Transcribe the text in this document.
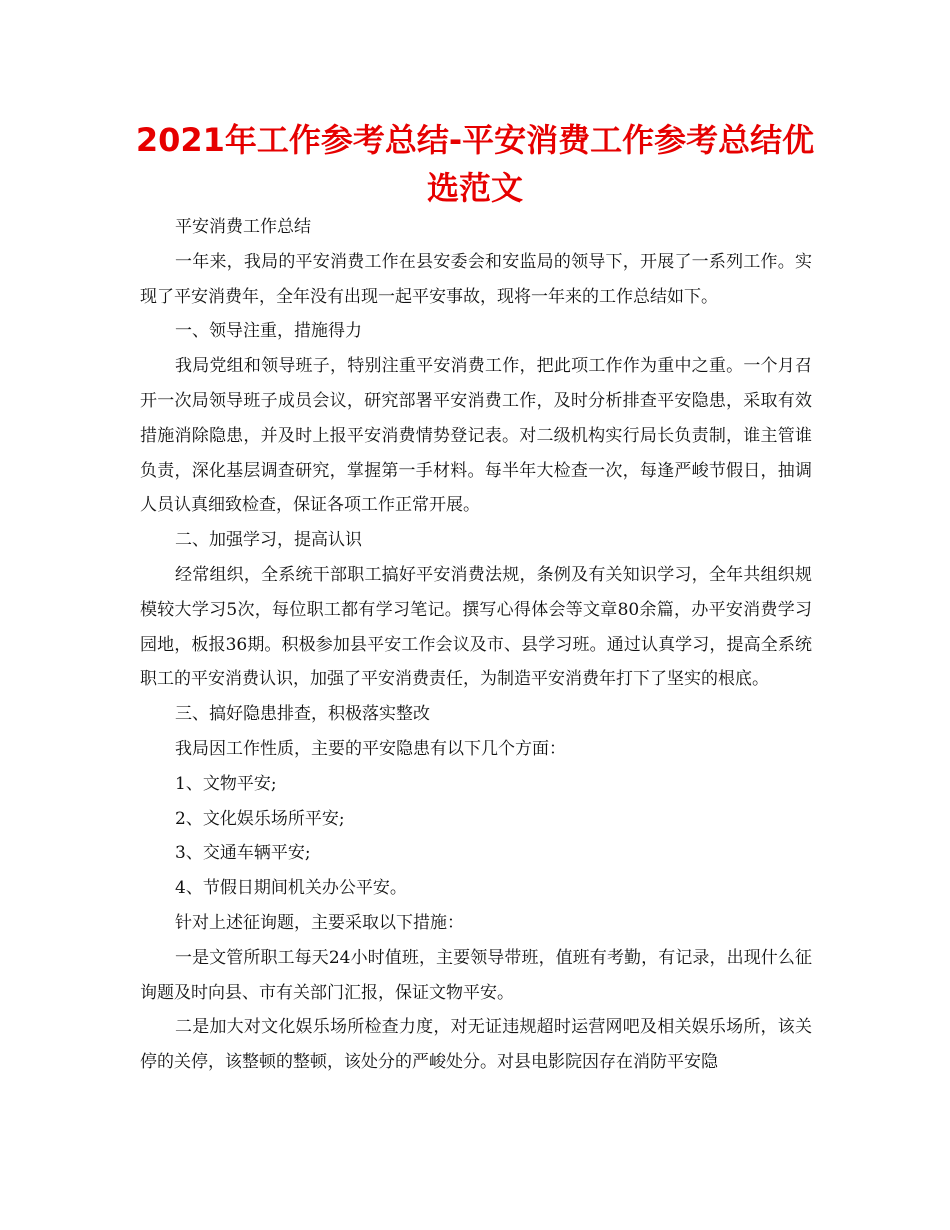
2021年工作参考总结-平安消费工作参考总结优选范文

平安消费工作总结

一年来，我局的平安消费工作在县安委会和安监局的领导下，开展了一系列工作。实现了平安消费年，全年没有出现一起平安事故，现将一年来的工作总结如下。

一、领导注重，措施得力

我局党组和领导班子，特别注重平安消费工作，把此项工作作为重中之重。一个月召开一次局领导班子成员会议，研究部署平安消费工作，及时分析排查平安隐患，采取有效措施消除隐患，并及时上报平安消费情势登记表。对二级机构实行局长负责制，谁主管谁负责，深化基层调查研究，掌握第一手材料。每半年大检查一次，每逢严峻节假日，抽调人员认真细致检查，保证各项工作正常开展。

二、加强学习，提高认识

经常组织，全系统干部职工搞好平安消费法规，条例及有关知识学习，全年共组织规模较大学习5次，每位职工都有学习笔记。撰写心得体会等文章80余篇，办平安消费学习园地，板报36期。积极参加县平安工作会议及市、县学习班。通过认真学习，提高全系统职工的平安消费认识，加强了平安消费责任，为制造平安消费年打下了坚实的根底。

三、搞好隐患排查，积极落实整改

我局因工作性质，主要的平安隐患有以下几个方面：

1、文物平安;

2、文化娱乐场所平安;

3、交通车辆平安;

4、节假日期间机关办公平安。

针对上述征询题，主要采取以下措施：

一是文管所职工每天24小时值班，主要领导带班，值班有考勤，有记录，出现什么征询题及时向县、市有关部门汇报，保证文物平安。

二是加大对文化娱乐场所检查力度，对无证违规超时运营网吧及相关娱乐场所，该关停的关停，该整顿的整顿，该处分的严峻处分。对县电影院因存在消防平安隐
